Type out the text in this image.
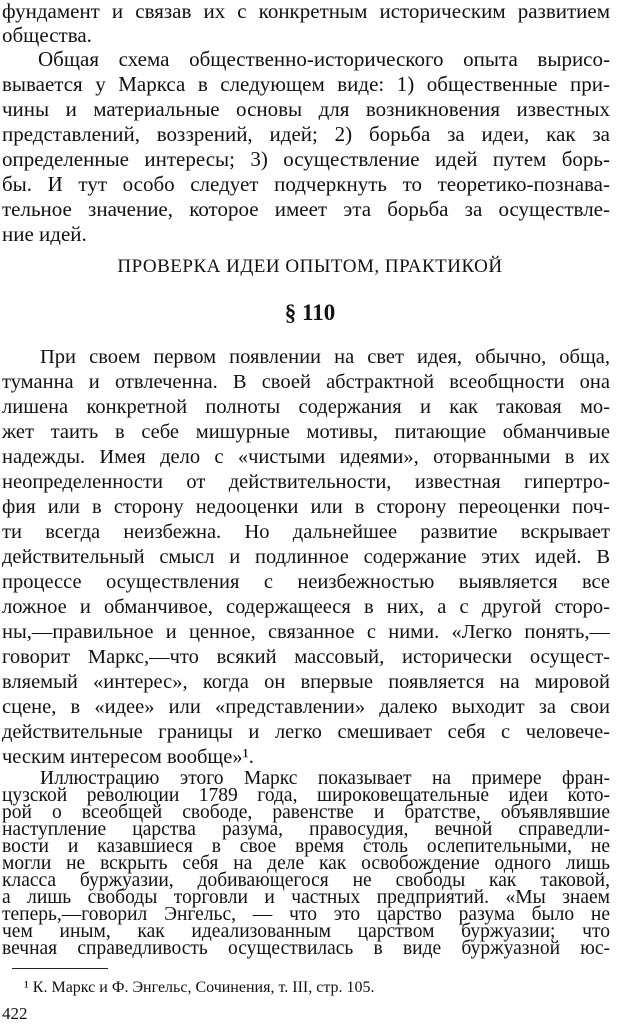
фундамент и связав их с конкретным историческим развитием
общества.
Общая схема общественно-исторического опыта вырисо-
вывается у Маркса в следующем виде: 1) общественные при-
чины и материальные основы для возникновения известных
представлений, воззрений, идей; 2) борьба за идеи, как за
определенные интересы; 3) осуществление идей путем борь-
бы. И тут особо следует подчеркнуть то теоретико-познава-
тельное значение, которое имеет эта борьба за осуществле-
ние идей.
ПРОВЕРКА ИДЕИ ОПЫТОМ, ПРАКТИКОЙ
§ 110
При своем первом появлении на свет идея, обычно, обща,
туманна и отвлеченна. В своей абстрактной всеобщности она
лишена конкретной полноты содержания и как таковая мо-
жет таить в себе мишурные мотивы, питающие обманчивые
надежды. Имея дело с «чистыми идеями», оторванными в их
неопределенности от действительности, известная гипертро-
фия или в сторону недооценки или в сторону переоценки поч-
ти всегда неизбежна. Но дальнейшее развитие вскрывает
действительный смысл и подлинное содержание этих идей. В
процессе осуществления с неизбежностью выявляется все
ложное и обманчивое, содержащееся в них, а с другой сторо-
ны,—правильное и ценное, связанное с ними. «Легко понять,—
говорит Маркс,—что всякий массовый, исторически осущест-
вляемый «интерес», когда он впервые появляется на мировой
сцене, в «идее» или «представлении» далеко выходит за свои
действительные границы и легко смешивает себя с человече-
ческим интересом вообще»¹.
Иллюстрацию этого Маркс показывает на примере фран-
цузской революции 1789 года, широковещательные идеи кото-
рой о всеобщей свободе, равенстве и братстве, объявлявшие
наступление царства разума, правосудия, вечной справедли-
вости и казавшиеся в свое время столь ослепительными, не
могли не вскрыть себя на деле как освобождение одного лишь
класса буржуазии, добивающегося не свободы как таковой,
а лишь свободы торговли и частных предприятий. «Мы знаем
теперь,—говорил Энгельс, — что это царство разума было не
чем иным, как идеализованным царством буржуазии; что
вечная справедливость осуществилась в виде буржуазной юс-
¹ К. Маркс и Ф. Энгельс, Сочинения, т. III, стр. 105.
422
